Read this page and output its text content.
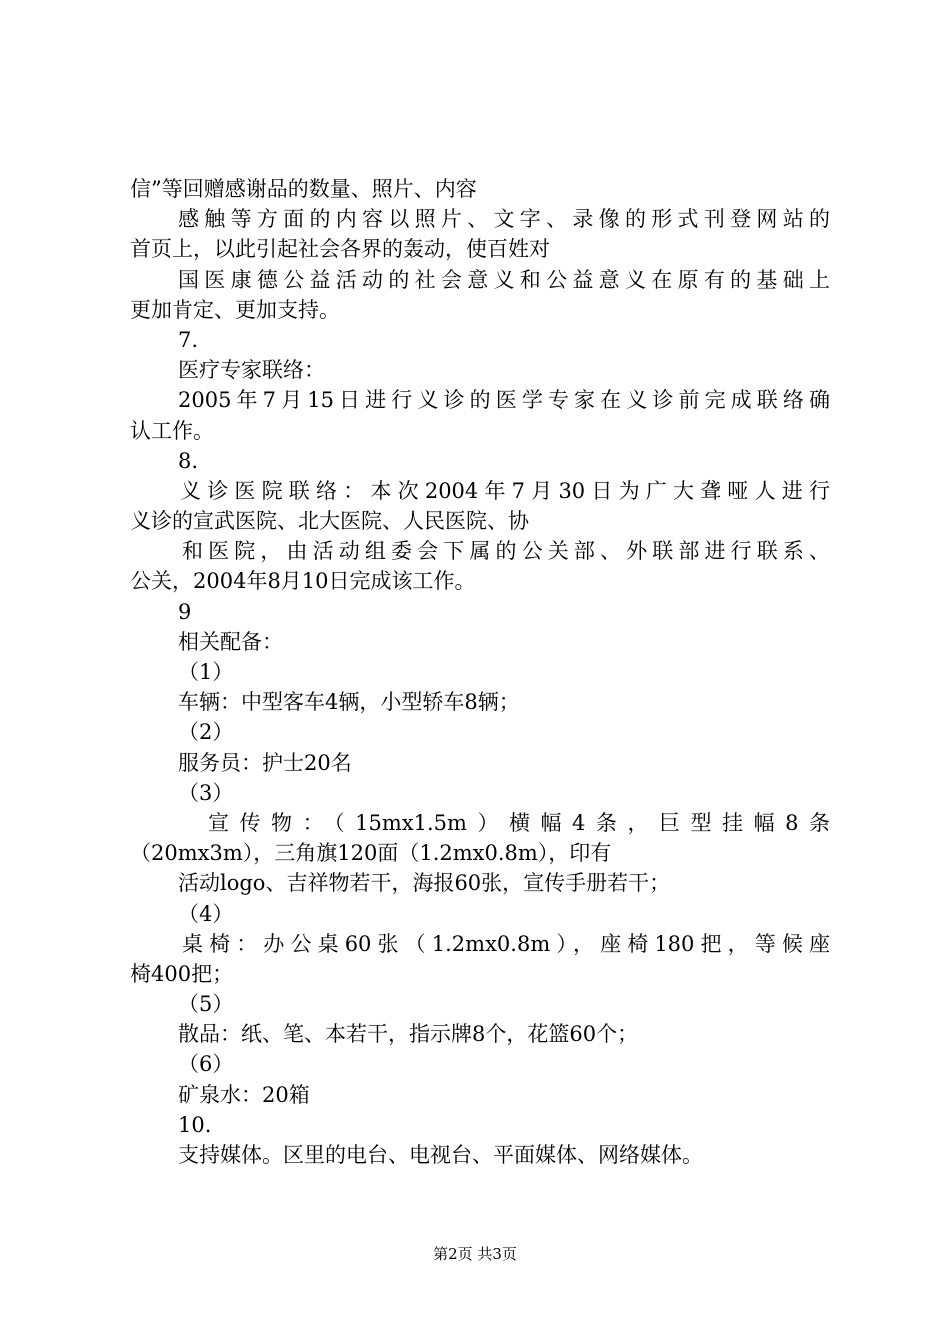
信”等回赠感谢品的数量、照片、内容
感触等方面的内容以照片、文字、录像的形式刊登网站的
首页上，以此引起社会各界的轰动，使百姓对
国医康德公益活动的社会意义和公益意义在原有的基础上
更加肯定、更加支持。
7.
医疗专家联络：
2005年7月15日进行义诊的医学专家在义诊前完成联络确
认工作。
8.
义诊医院联络：本次2004年7月30日为广大聋哑人进行
义诊的宣武医院、北大医院、人民医院、协
和医院，由活动组委会下属的公关部、外联部进行联系、
公关，2004年8月10日完成该工作。
9
相关配备：
（1）
车辆：中型客车4辆，小型轿车8辆；
（2）
服务员：护士20名
（3）
宣传物：（15mx1.5m）横幅4条，巨型挂幅8条
（20mx3m），三角旗120面（1.2mx0.8m），印有
活动logo、吉祥物若干，海报60张，宣传手册若干；
（4）
桌椅：办公桌60张（1.2mx0.8m），座椅180把，等候座
椅400把；
（5）
散品：纸、笔、本若干，指示牌8个，花篮60个；
（6）
矿泉水：20箱
10.
支持媒体。区里的电台、电视台、平面媒体、网络媒体。
第2页 共3页
